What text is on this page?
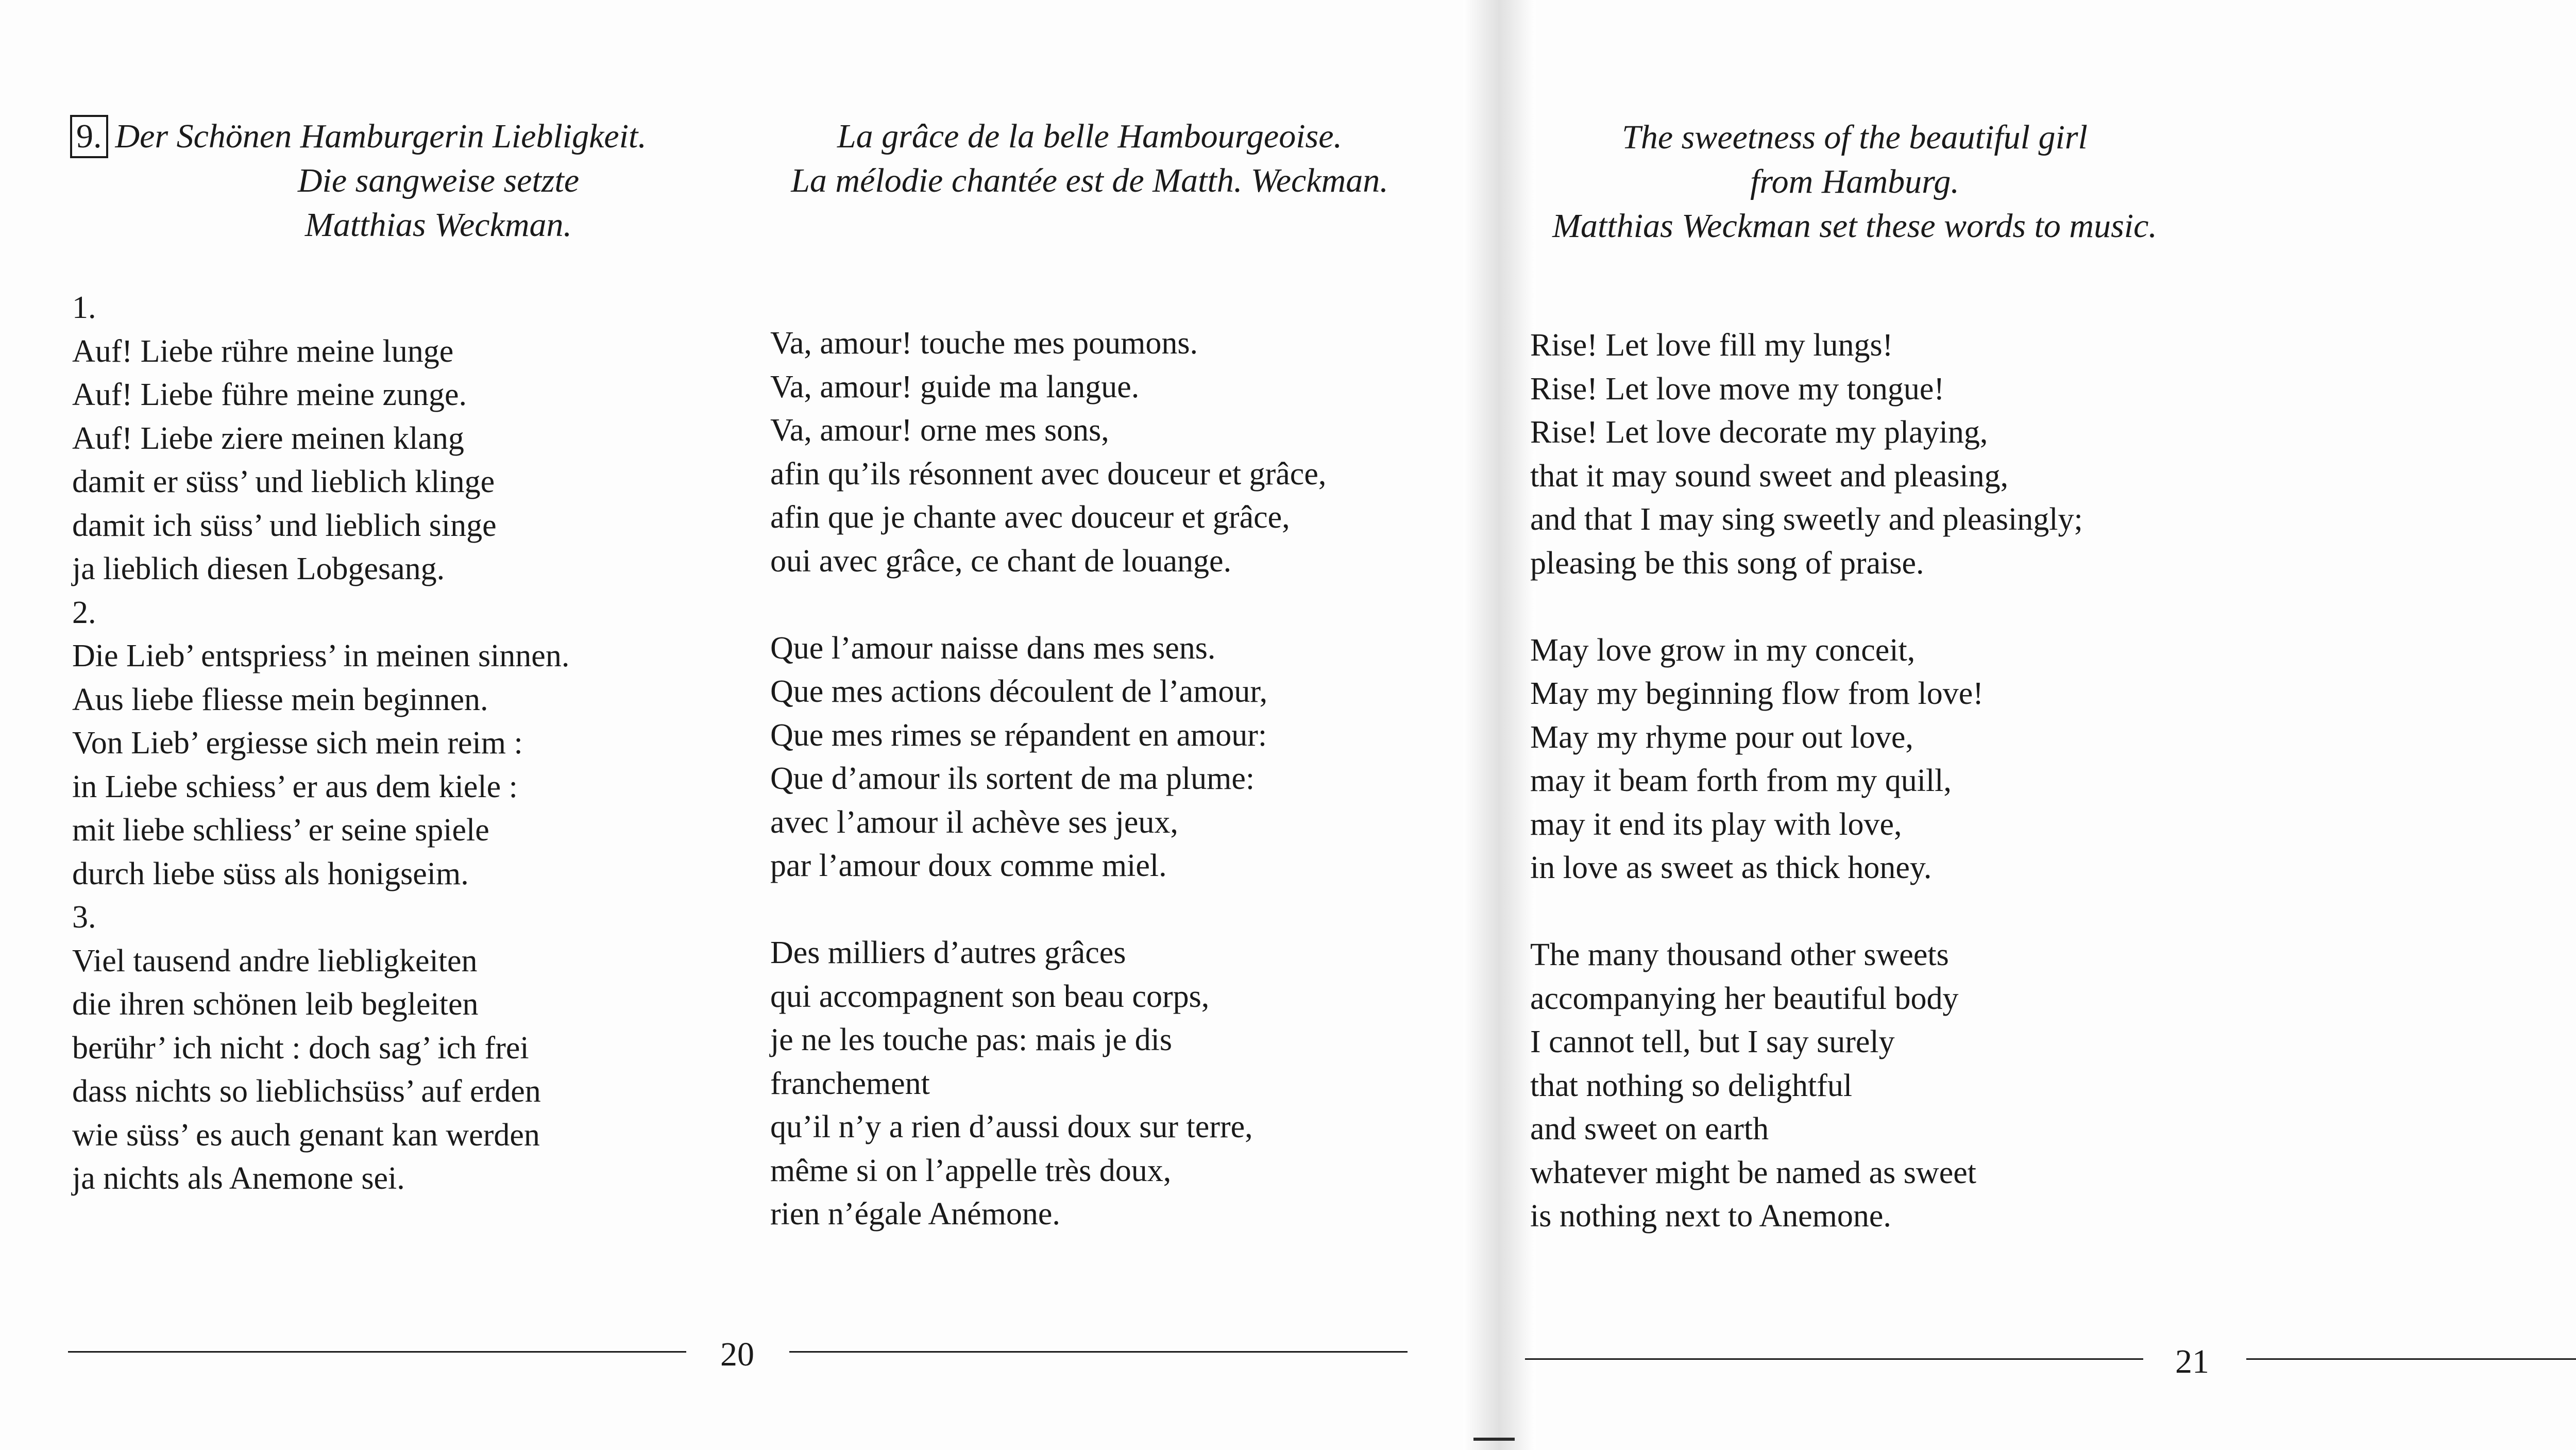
9. Der Schönen Hamburgerin Liebligkeit.
Die sangweise setzte
Matthias Weckman.
1.
Auf! Liebe rühre meine lunge
Auf! Liebe führe meine zunge.
Auf! Liebe ziere meinen klang
damit er süss’ und lieblich klinge
damit ich süss’ und lieblich singe
ja lieblich diesen Lobgesang.
2.
Die Lieb’ entspriess’ in meinen sinnen.
Aus liebe fliesse mein beginnen.
Von Lieb’ ergiesse sich mein reim :
in Liebe schiess’ er aus dem kiele :
mit liebe schliess’ er seine spiele
durch liebe süss als honigseim.
3.
Viel tausend andre liebligkeiten
die ihren schönen leib begleiten
berühr’ ich nicht : doch sag’ ich frei
dass nichts so lieblichsüss’ auf erden
wie süss’ es auch genant kan werden
ja nichts als Anemone sei.
La grâce de la belle Hambourgeoise.
La mélodie chantée est de Matth. Weckman.
Va, amour! touche mes poumons.
Va, amour! guide ma langue.
Va, amour! orne mes sons,
afin qu’ils résonnent avec douceur et grâce,
afin que je chante avec douceur et grâce,
oui avec grâce, ce chant de louange.
Que l’amour naisse dans mes sens.
Que mes actions découlent de l’amour,
Que mes rimes se répandent en amour:
Que d’amour ils sortent de ma plume:
avec l’amour il achève ses jeux,
par l’amour doux comme miel.
Des milliers d’autres grâces
qui accompagnent son beau corps,
je ne les touche pas: mais je dis
franchement
qu’il n’y a rien d’aussi doux sur terre,
même si on l’appelle très doux,
rien n’égale Anémone.
20
The sweetness of the beautiful girl
from Hamburg.
Matthias Weckman set these words to music.
Rise! Let love fill my lungs!
Rise! Let love move my tongue!
Rise! Let love decorate my playing,
that it may sound sweet and pleasing,
and that I may sing sweetly and pleasingly;
pleasing be this song of praise.
May love grow in my conceit,
May my beginning flow from love!
May my rhyme pour out love,
may it beam forth from my quill,
may it end its play with love,
in love as sweet as thick honey.
The many thousand other sweets
accompanying her beautiful body
I cannot tell, but I say surely
that nothing so delightful
and sweet on earth
whatever might be named as sweet
is nothing next to Anemone.
21
